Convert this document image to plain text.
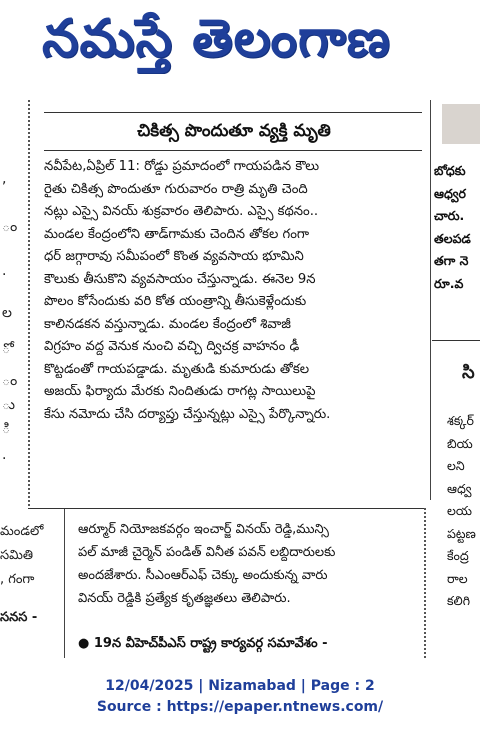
నమస్తే తెలంగాణ
,
ం
.
ల
ో
ం
ు
ి
.
చికిత్స పొందుతూ వ్యక్తి మృతి
నవీపేట,ఏప్రిల్ 11: రోడ్డు ప్రమాదంలో గాయపడిన కౌలు
రైతు చికిత్స పొందుతూ గురువారం రాత్రి మృతి చెంది
నట్లు ఎస్సై వినయ్ శుక్రవారం తెలిపారు. ఎస్సై కథనం..
మండల కేంద్రంలోని తాడ్‌గామకు చెందిన తోకల గంగా
ధర్ జగ్గారావు సమీపంలో కొంత వ్యవసాయ భూమిని
కౌలుకు తీసుకొని వ్యవసాయం చేస్తున్నాడు. ఈనెల 9న
పొలం కోసేందుకు వరి కోత యంత్రాన్ని తీసుకెళ్లేందుకు
కాలినడకన వస్తున్నాడు. మండల కేంద్రంలో శివాజీ
విగ్రహం వద్ద వెనుక నుంచి వచ్చి ద్విచక్ర వాహనం ఢీ
కొట్టడంతో గాయపడ్డాడు. మృతుడి కుమారుడు తోకల
అజయ్ ఫిర్యాదు మేరకు నిందితుడు రాగట్ల సాయిలుపై
కేసు నమోదు చేసి దర్యాప్తు చేస్తున్నట్లు ఎస్సై పేర్కొన్నారు.
మండలో
సమితి
, గంగా
సనస -
ఆర్మూర్ నియోజకవర్గం ఇంచార్జ్ వినయ్ రెడ్డి,మున్సి
పల్ మాజీ చైర్మెన్ పండిత్ వినీత పవన్ లబ్దిదారులకు
అందజేశారు. సీఎంఆర్ఎఫ్ చెక్కు అందుకున్న వారు
వినయ్ రెడ్డికి ప్రత్యేక కృతజ్ఞతలు తెలిపారు.
● 19న వీహెచ్‌పీఎస్ రాష్ట్ర కార్యవర్గ సమావేశం -
బోధకు
ఆధ్వర
చారు.
తలపడ
తగా నె
రూ.వ
సి
శక్కర్
బియ
లని
ఆధ్వ
లయ
పట్టణ
కేంద్ర
రాల
కలిగి
12/04/2025 | Nizamabad | Page : 2
Source : https://epaper.ntnews.com/
